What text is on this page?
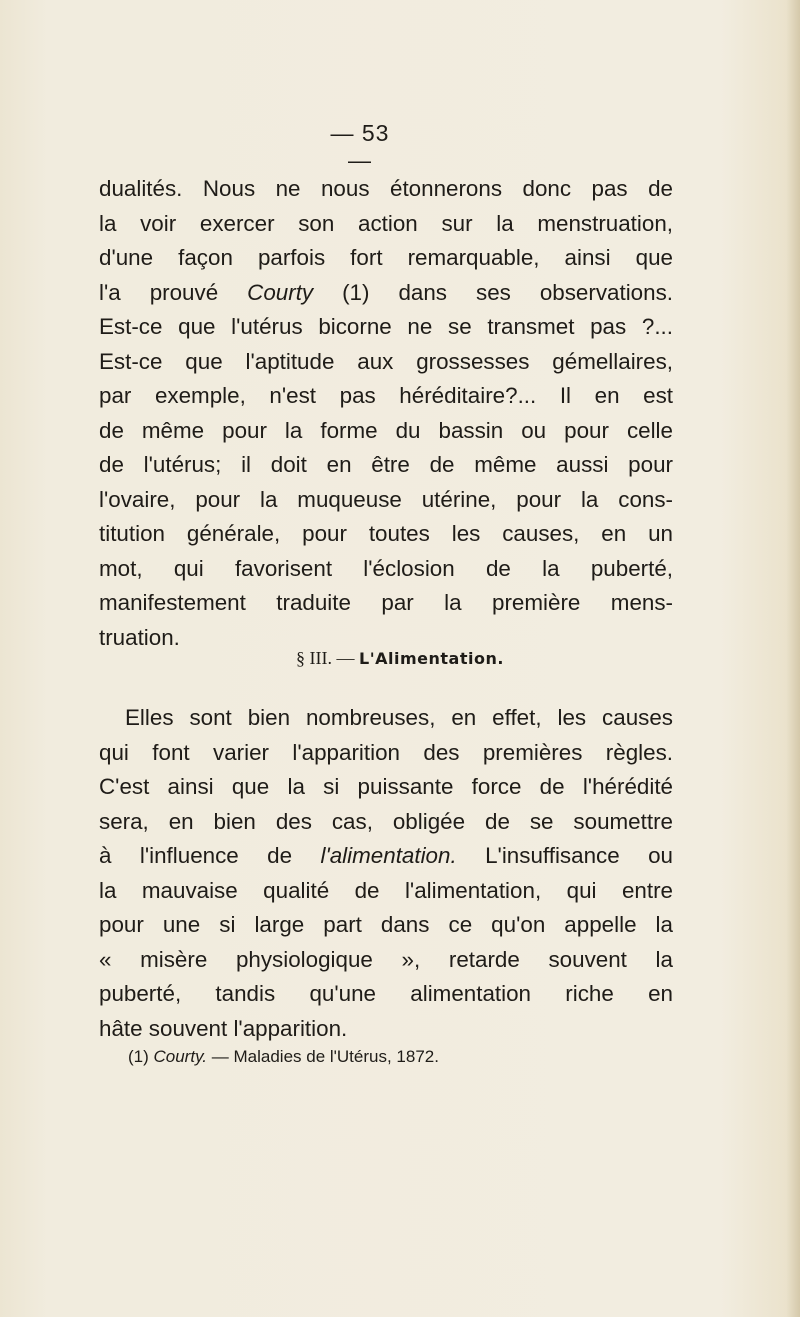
— 53 —
dualités. Nous ne nous étonnerons donc pas de
la voir exercer son action sur la menstruation,
d'une façon parfois fort remarquable, ainsi que
l'a prouvé Courty (1) dans ses observations.
Est-ce que l'utérus bicorne ne se transmet pas ?...
Est-ce que l'aptitude aux grossesses gémellaires,
par exemple, n'est pas héréditaire?... Il en est
de même pour la forme du bassin ou pour celle
de l'utérus; il doit en être de même aussi pour
l'ovaire, pour la muqueuse utérine, pour la cons-
titution générale, pour toutes les causes, en un
mot, qui favorisent l'éclosion de la puberté,
manifestement traduite par la première mens-
truation.
§ III. — L'Alimentation.
Elles sont bien nombreuses, en effet, les causes
qui font varier l'apparition des premières règles.
C'est ainsi que la si puissante force de l'hérédité
sera, en bien des cas, obligée de se soumettre
à l'influence de l'alimentation. L'insuffisance ou
la mauvaise qualité de l'alimentation, qui entre
pour une si large part dans ce qu'on appelle la
« misère physiologique », retarde souvent la
puberté, tandis qu'une alimentation riche en
hâte souvent l'apparition.
(1) Courty. — Maladies de l'Utérus, 1872.
